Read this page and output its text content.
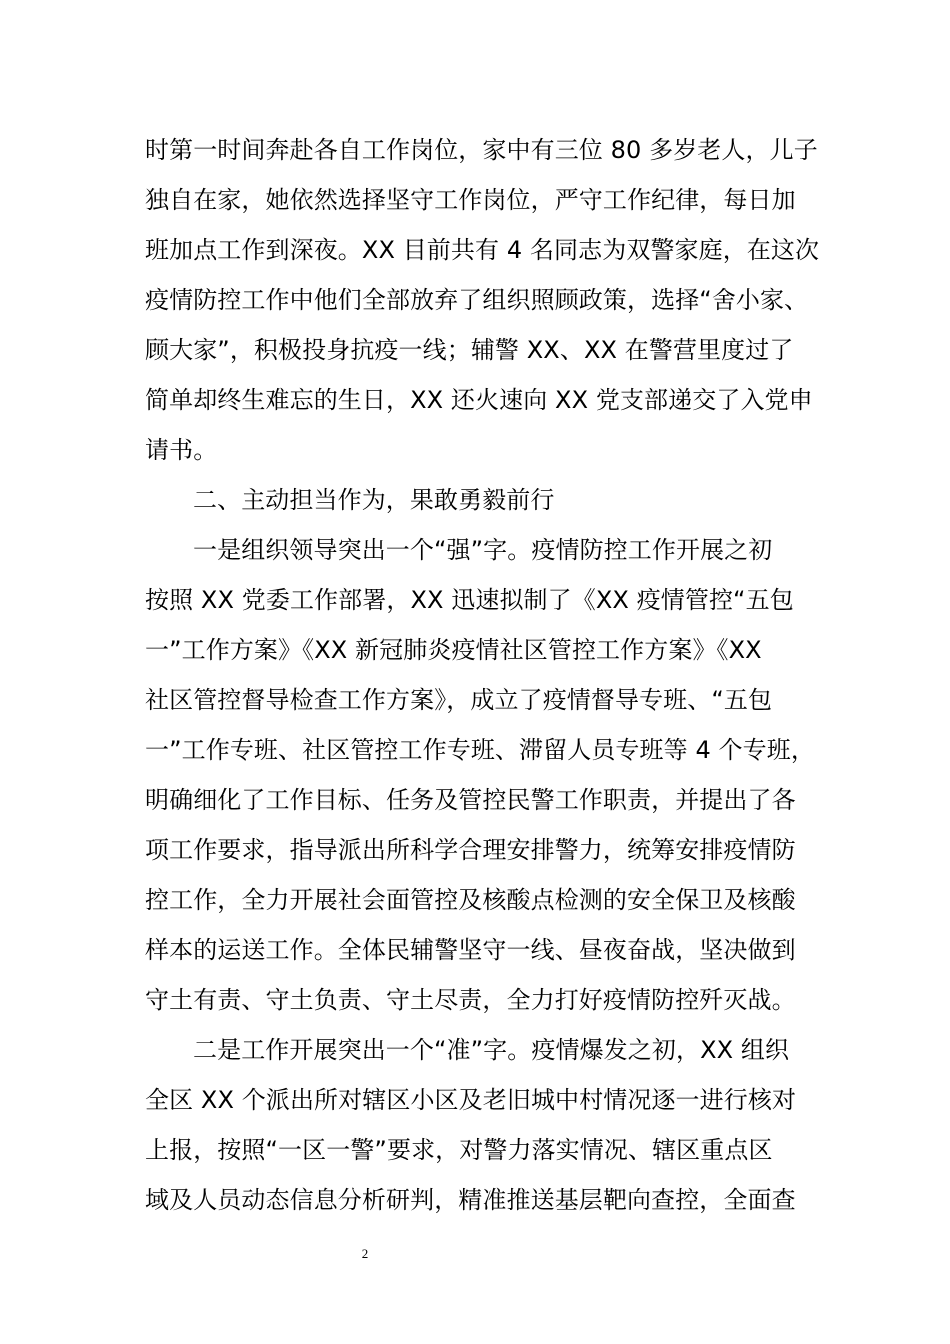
时第一时间奔赴各自工作岗位，家中有三位 80 多岁老人，儿子
独自在家，她依然选择坚守工作岗位，严守工作纪律，每日加
班加点工作到深夜。XX 目前共有 4 名同志为双警家庭，在这次
疫情防控工作中他们全部放弃了组织照顾政策，选择“舍小家、
顾大家”，积极投身抗疫一线；辅警 XX、XX 在警营里度过了
简单却终生难忘的生日，XX 还火速向 XX 党支部递交了入党申
请书。
二、主动担当作为，果敢勇毅前行
一是组织领导突出一个“强”字。疫情防控工作开展之初
按照 XX 党委工作部署，XX 迅速拟制了《XX 疫情管控“五包
一”工作方案》《XX 新冠肺炎疫情社区管控工作方案》《XX
社区管控督导检查工作方案》，成立了疫情督导专班、“五包
一”工作专班、社区管控工作专班、滞留人员专班等 4 个专班，
明确细化了工作目标、任务及管控民警工作职责，并提出了各
项工作要求，指导派出所科学合理安排警力，统筹安排疫情防
控工作，全力开展社会面管控及核酸点检测的安全保卫及核酸
样本的运送工作。全体民辅警坚守一线、昼夜奋战，坚决做到
守土有责、守土负责、守土尽责，全力打好疫情防控歼灭战。
二是工作开展突出一个“准”字。疫情爆发之初，XX 组织
全区 XX 个派出所对辖区小区及老旧城中村情况逐一进行核对
上报，按照“一区一警”要求，对警力落实情况、辖区重点区
域及人员动态信息分析研判，精准推送基层靶向查控，全面查
2
